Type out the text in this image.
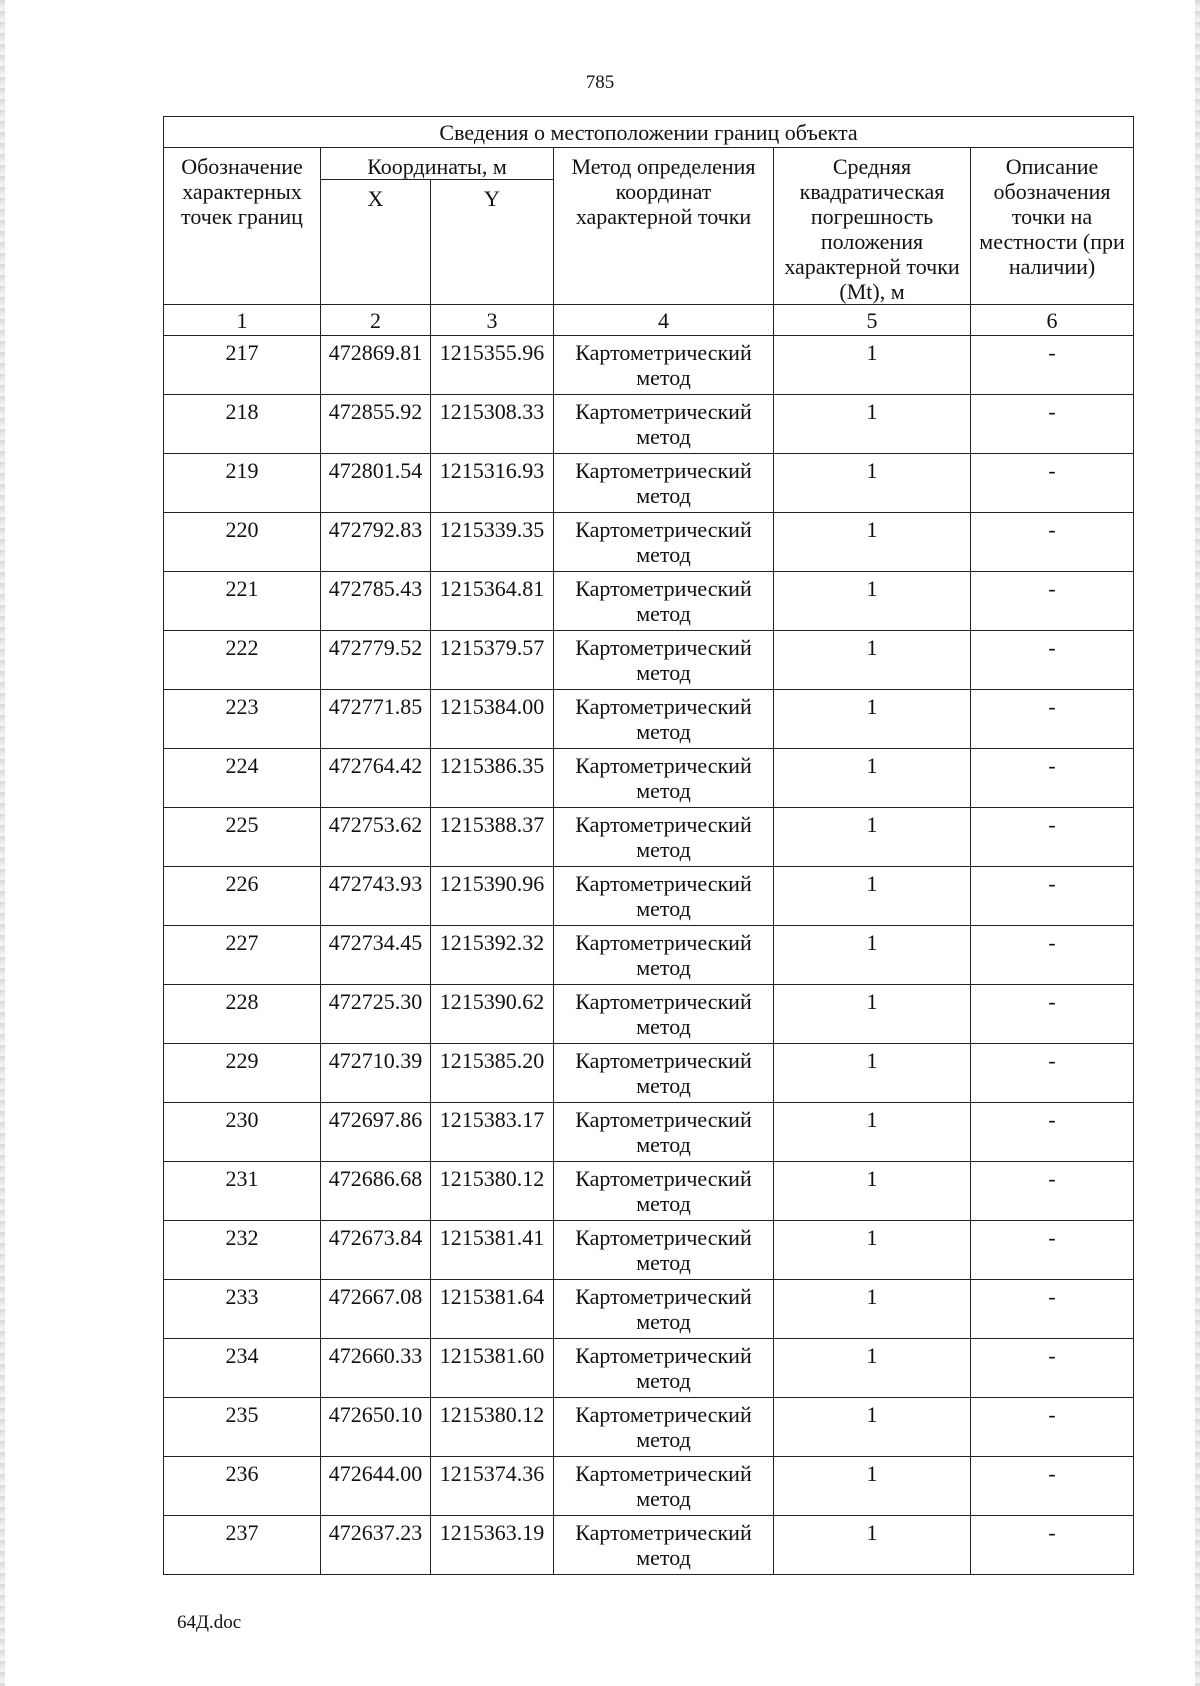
785
Сведения о местоположении границ объекта					
Обозначение характерных точек границ	Координаты, м		Метод определения координат характерной точки	Средняя квадратическая погрешность положения характерной точки (Mt), м	Описание обозначения точки на местности (при наличии)
	X	Y			
1	2	3	4	5	6
217	472869.81	1215355.96	Картометрический метод	1	-
218	472855.92	1215308.33	Картометрический метод	1	-
219	472801.54	1215316.93	Картометрический метод	1	-
220	472792.83	1215339.35	Картометрический метод	1	-
221	472785.43	1215364.81	Картометрический метод	1	-
222	472779.52	1215379.57	Картометрический метод	1	-
223	472771.85	1215384.00	Картометрический метод	1	-
224	472764.42	1215386.35	Картометрический метод	1	-
225	472753.62	1215388.37	Картометрический метод	1	-
226	472743.93	1215390.96	Картометрический метод	1	-
227	472734.45	1215392.32	Картометрический метод	1	-
228	472725.30	1215390.62	Картометрический метод	1	-
229	472710.39	1215385.20	Картометрический метод	1	-
230	472697.86	1215383.17	Картометрический метод	1	-
231	472686.68	1215380.12	Картометрический метод	1	-
232	472673.84	1215381.41	Картометрический метод	1	-
233	472667.08	1215381.64	Картометрический метод	1	-
234	472660.33	1215381.60	Картометрический метод	1	-
235	472650.10	1215380.12	Картометрический метод	1	-
236	472644.00	1215374.36	Картометрический метод	1	-
237	472637.23	1215363.19	Картометрический метод	1	-
64Д.doc
